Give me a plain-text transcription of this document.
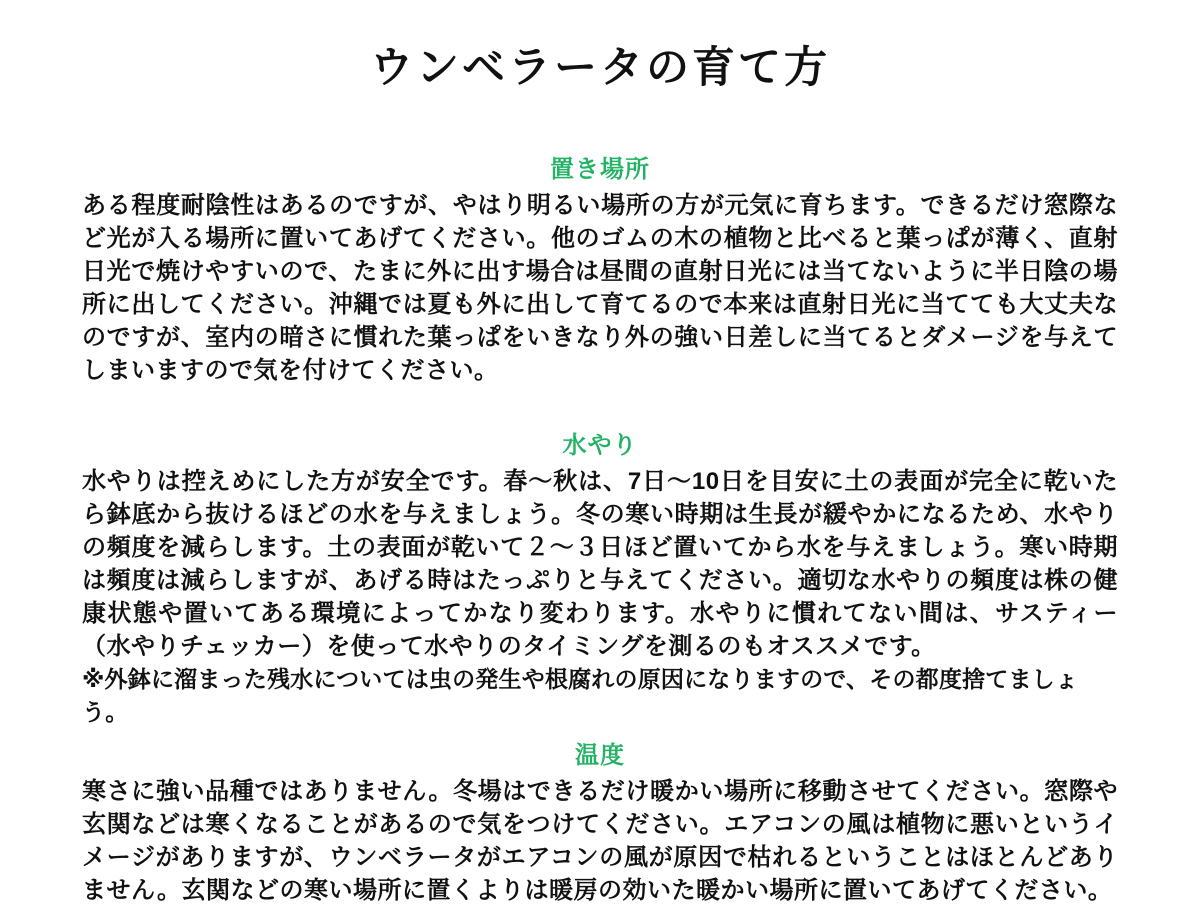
ウンベラータの育て方
置き場所

ある程度耐陰性はあるのですが、やはり明るい場所の方が元気に育ちます。できるだけ窓際など光が入る場所に置いてあげてください。他のゴムの木の植物と比べると葉っぱが薄く、直射日光で焼けやすいので、たまに外に出す場合は昼間の直射日光には当てないように半日陰の場所に出してください。沖縄では夏も外に出して育てるので本来は直射日光に当てても大丈夫なのですが、室内の暗さに慣れた葉っぱをいきなり外の強い日差しに当てるとダメージを与えてしまいますので気を付けてください。

水やり

水やりは控えめにした方が安全です。春〜秋は、7日〜10日を目安に土の表面が完全に乾いたら鉢底から抜けるほどの水を与えましょう。冬の寒い時期は生長が緩やかになるため、水やりの頻度を減らします。土の表面が乾いて２〜３日ほど置いてから水を与えましょう。寒い時期は頻度は減らしますが、あげる時はたっぷりと与えてください。適切な水やりの頻度は株の健康状態や置いてある環境によってかなり変わります。水やりに慣れてない間は、サスティー（水やりチェッカー）を使って水やりのタイミングを測るのもオススメです。

※外鉢に溜まった残水については虫の発生や根腐れの原因になりますので、その都度捨てましょう。

温度

寒さに強い品種ではありません。冬場はできるだけ暖かい場所に移動させてください。窓際や玄関などは寒くなることがあるので気をつけてください。エアコンの風は植物に悪いというイメージがありますが、ウンベラータがエアコンの風が原因で枯れるということはほとんどありません。玄関などの寒い場所に置くよりは暖房の効いた暖かい場所に置いてあげてください。
